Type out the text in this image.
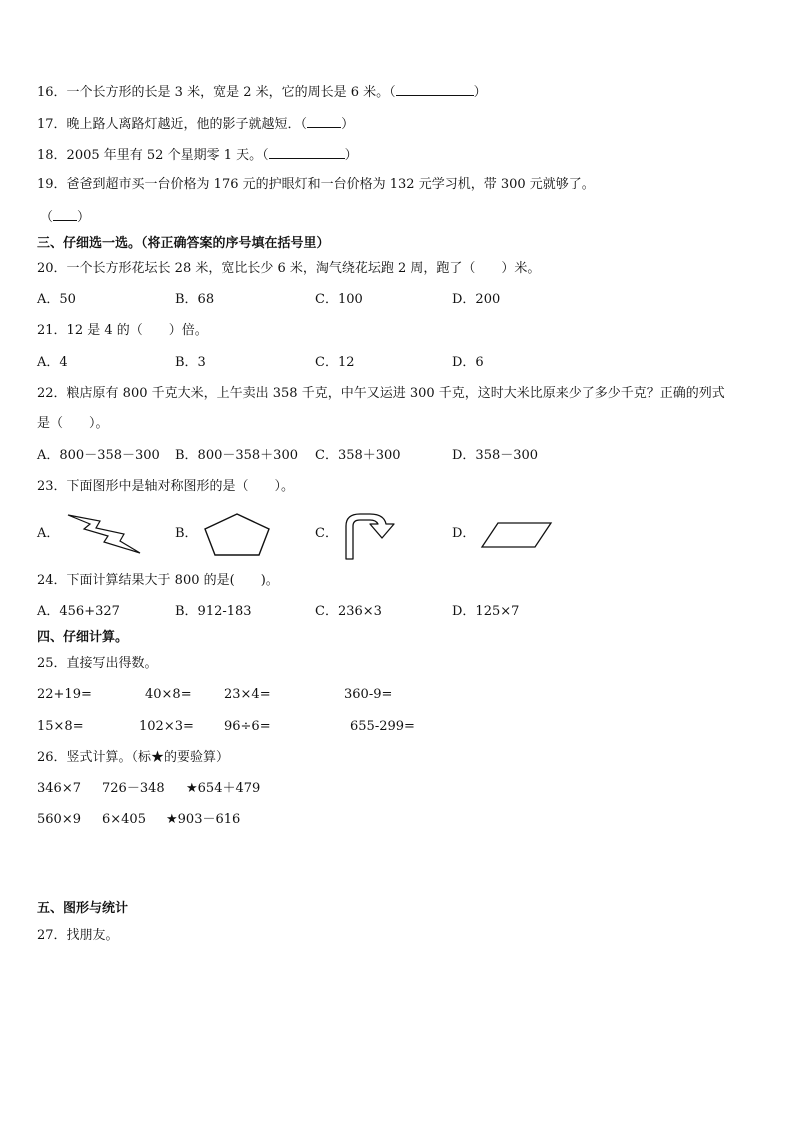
16．一个长方形的长是 3 米，宽是 2 米，它的周长是 6 米。（	）
17．晚上路人离路灯越近，他的影子就越短．（	）
18．2005 年里有 52 个星期零 1 天。（	）
19．爸爸到超市买一台价格为 176 元的护眼灯和一台价格为 132 元学习机，带 300 元就够了。
（ ）
三、仔细选一选。（将正确答案的序号填在括号里）
20．一个长方形花坛长 28 米，宽比长少 6 米，淘气绕花坛跑 2 周，跑了（　　）米。
A．50	B．68	C．100	D．200
21．12 是 4 的（　　）倍。
A．4	B．3	C．12	D．6
22．粮店原有 800 千克大米，上午卖出 358 千克，中午又运进 300 千克，这时大米比原来少了多少千克？正确的列式
是（　　）。
A．800－358－300 B．800－358＋300 C．358＋300	D．358－300
23．下面图形中是轴对称图形的是（　　）。
A．	B．	C．	D．
24．下面计算结果大于 800 的是(　　)。
A．456+327	B．912-183	C．236×3	D．125×7
四、仔细计算。
25．直接写出得数。
22+19=	40×8= 23×4=	360-9=
15×8=	102×3= 96÷6=	655-299=
26．竖式计算。（标★的要验算）
346×7 726－348 ★654＋479
560×9 6×405 ★903－616
五、图形与统计
27．找朋友。
